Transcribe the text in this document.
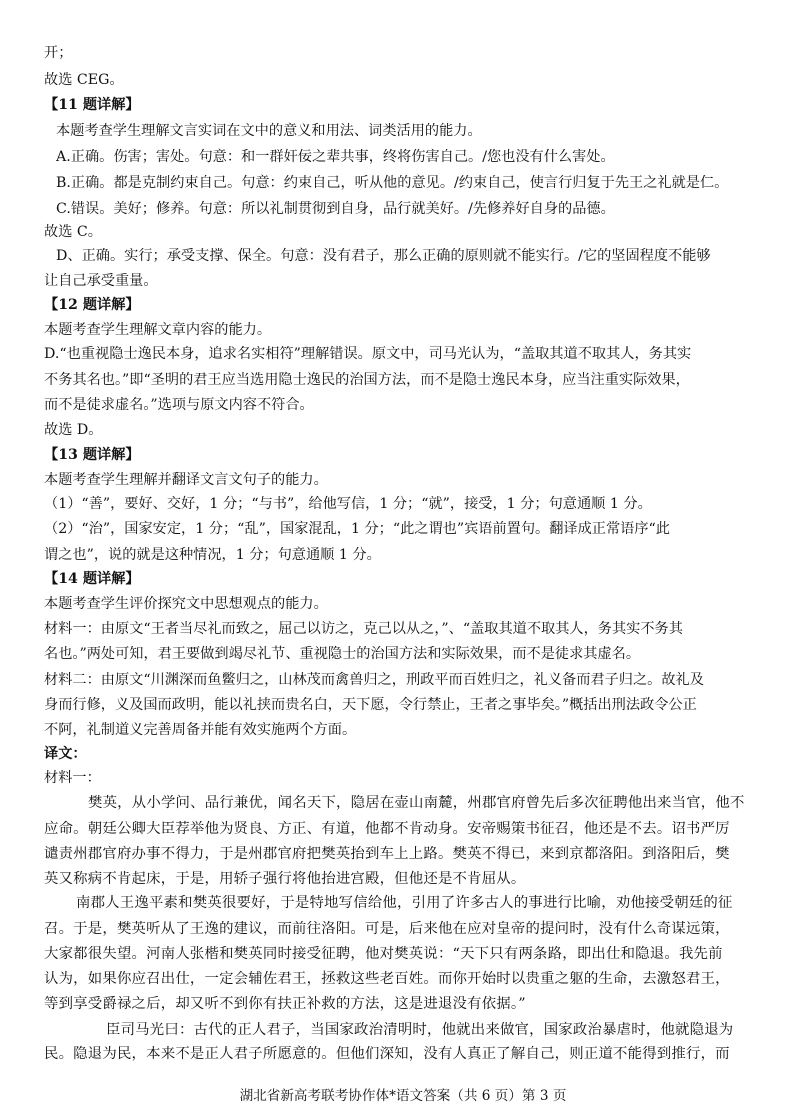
开；
故选 CEG。
【11 题详解】
本题考查学生理解文言实词在文中的意义和用法、词类活用的能力。
A.正确。伤害；害处。句意：和一群奸佞之辈共事，终将伤害自己。/您也没有什么害处。
B.正确。都是克制约束自己。句意：约束自己，听从他的意见。/约束自己，使言行归复于先王之礼就是仁。
C.错误。美好；修养。句意：所以礼制贯彻到自身，品行就美好。/先修养好自身的品德。
故选 C。
D、正确。实行；承受支撑、保全。句意：没有君子，那么正确的原则就不能实行。/它的坚固程度不能够
让自己承受重量。
【12 题详解】
本题考查学生理解文章内容的能力。
D.“也重视隐士逸民本身，追求名实相符”理解错误。原文中，司马光认为，“盖取其道不取其人，务其实
不务其名也。”即“圣明的君王应当选用隐士逸民的治国方法，而不是隐士逸民本身，应当注重实际效果，
而不是徒求虚名。”选项与原文内容不符合。
故选 D。
【13 题详解】
本题考查学生理解并翻译文言文句子的能力。
（1）“善”，要好、交好，1 分；“与书”，给他写信，1 分；“就”，接受，1 分；句意通顺 1 分。
（2）“治”，国家安定，1 分；“乱”，国家混乱，1 分；“此之谓也”宾语前置句。翻译成正常语序“此
谓之也”，说的就是这种情况，1 分；句意通顺 1 分。
【14 题详解】
本题考查学生评价探究文中思想观点的能力。
材料一：由原文“王者当尽礼而致之，屈己以访之，克己以从之，”、“盖取其道不取其人，务其实不务其
名也。”两处可知，君王要做到竭尽礼节、重视隐士的治国方法和实际效果，而不是徒求其虚名。
材料二：由原文“川渊深而鱼鳖归之，山林茂而禽兽归之，刑政平而百姓归之，礼义备而君子归之。故礼及
身而行修，义及国而政明，能以礼挟而贵名白，天下愿，令行禁止，王者之事毕矣。”概括出刑法政令公正
不阿，礼制道义完善周备并能有效实施两个方面。
译文：
材料一：
樊英，从小学问、品行兼优，闻名天下，隐居在壶山南麓，州郡官府曾先后多次征聘他出来当官，他不
应命。朝廷公卿大臣荐举他为贤良、方正、有道，他都不肯动身。安帝赐策书征召，他还是不去。诏书严厉
谴责州郡官府办事不得力，于是州郡官府把樊英抬到车上上路。樊英不得已，来到京都洛阳。到洛阳后，樊
英又称病不肯起床，于是，用轿子强行将他抬进宫殿，但他还是不肯屈从。
南郡人王逸平素和樊英很要好，于是特地写信给他，引用了许多古人的事进行比喻，劝他接受朝廷的征
召。于是，樊英听从了王逸的建议，而前往洛阳。可是，后来他在应对皇帝的提问时，没有什么奇谋远策，
大家都很失望。河南人张楷和樊英同时接受征聘，他对樊英说：“天下只有两条路，即出仕和隐退。我先前
认为，如果你应召出仕，一定会辅佐君王，拯救这些老百姓。而你开始时以贵重之躯的生命，去激怒君王，
等到享受爵禄之后，却又听不到你有扶正补救的方法，这是进退没有依据。”
臣司马光曰：古代的正人君子，当国家政治清明时，他就出来做官，国家政治暴虐时，他就隐退为
民。隐退为民，本来不是正人君子所愿意的。但他们深知，没有人真正了解自己，则正道不能得到推行，而
湖北省新高考联考协作体*语文答案（共 6 页）第 3 页
